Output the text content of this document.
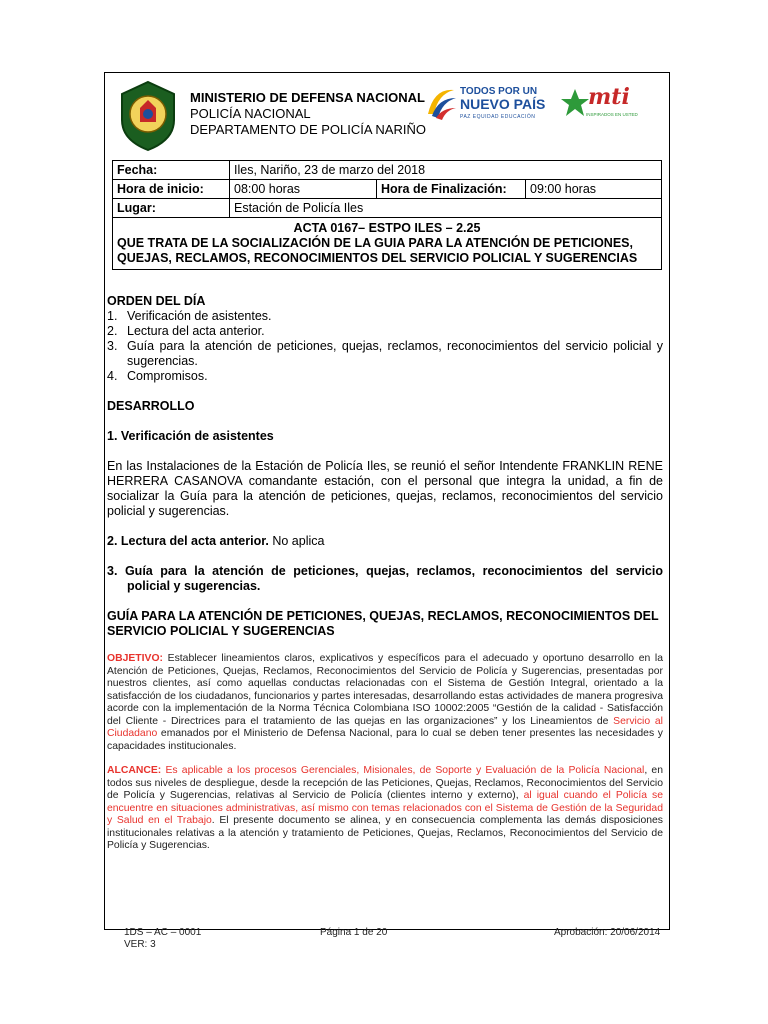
MINISTERIO DE DEFENSA NACIONAL
POLICÍA NACIONAL
DEPARTAMENTO DE POLICÍA NARIÑO
TODOS POR UN
NUEVO PAÍS
PAZ EQUIDAD EDUCACIÓN
mti
INSPIRADOS EN USTED
Fecha:	Iles, Nariño, 23 de marzo del 2018		
Hora de inicio:	08:00 horas	Hora de Finalización:	09:00 horas
Lugar:	Estación de Policía Iles		

ACTA 0167– ESTPO ILES – 2.25
QUE TRATA DE LA SOCIALIZACIÓN DE LA GUIA PARA LA ATENCIÓN DE PETICIONES, QUEJAS, RECLAMOS, RECONOCIMIENTOS DEL SERVICIO POLICIAL Y SUGERENCIAS			

ORDEN DEL DÍA

1. Verificación de asistentes.
2. Lectura del acta anterior.
3. Guía para la atención de peticiones, quejas, reclamos, reconocimientos del servicio policial y sugerencias.
4. Compromisos.

DESARROLLO

1. Verificación de asistentes

En las Instalaciones de la Estación de Policía Iles, se reunió el señor Intendente FRANKLIN RENE HERRERA CASANOVA comandante estación, con el personal que integra la unidad, a fin de socializar la Guía para la atención de peticiones, quejas, reclamos, reconocimientos del servicio policial y sugerencias.

2. Lectura del acta anterior. No aplica

3. Guía para la atención de peticiones, quejas, reclamos, reconocimientos del servicio policial y sugerencias.

GUÍA PARA LA ATENCIÓN DE PETICIONES, QUEJAS, RECLAMOS, RECONOCIMIENTOS DEL SERVICIO POLICIAL Y SUGERENCIAS

OBJETIVO: Establecer lineamientos claros, explicativos y específicos para el adecuado y oportuno desarrollo en la Atención de Peticiones, Quejas, Reclamos, Reconocimientos del Servicio de Policía y Sugerencias, presentadas por nuestros clientes, así como aquellas conductas relacionadas con el Sistema de Gestión Integral, orientado a la satisfacción de los ciudadanos, funcionarios y partes interesadas, desarrollando estas actividades de manera progresiva acorde con la implementación de la Norma Técnica Colombiana ISO 10002:2005 “Gestión de la calidad - Satisfacción del Cliente - Directrices para el tratamiento de las quejas en las organizaciones” y los Lineamientos de Servicio al Ciudadano emanados por el Ministerio de Defensa Nacional, para lo cual se deben tener presentes las necesidades y capacidades institucionales.

ALCANCE: Es aplicable a los procesos Gerenciales, Misionales, de Soporte y Evaluación de la Policía Nacional, en todos sus niveles de despliegue, desde la recepción de las Peticiones, Quejas, Reclamos, Reconocimientos del Servicio de Policía y Sugerencias, relativas al Servicio de Policía (clientes interno y externo), al igual cuando el Policía se encuentre en situaciones administrativas, así mismo con temas relacionados con el Sistema de Gestión de la Seguridad y Salud en el Trabajo. El presente documento se alinea, y en consecuencia complementa las demás disposiciones institucionales relativas a la atención y tratamiento de Peticiones, Quejas, Reclamos, Reconocimientos del Servicio de Policía y Sugerencias.

1DS – AC – 0001
VER: 3
Página 1 de 20	Aprobación: 20/06/2014
